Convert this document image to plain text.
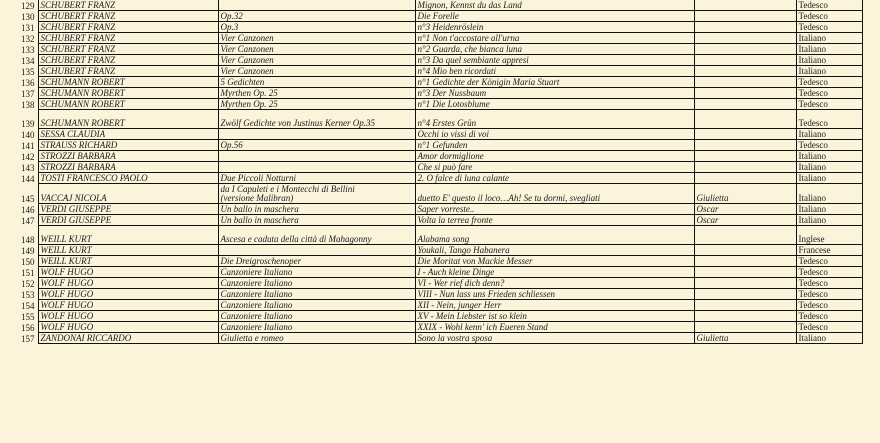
129	SCHUBERT FRANZ		Mignon, Kennst du das Land		Tedesco
130	SCHUBERT FRANZ	Op.32	Die Forelle		Tedesco
131	SCHUBERT FRANZ	Op.3	n°3 Heidenröslein		Tedesco
132	SCHUBERT FRANZ	Vier Canzonen	n°1 Non t'accostare all'urna		Italiano
133	SCHUBERT FRANZ	Vier Canzonen	n°2 Guarda, che bianca luna		Italiano
134	SCHUBERT FRANZ	Vier Canzonen	n°3 Da quel sembiante appresi		Italiano
135	SCHUBERT FRANZ	Vier Canzonen	n°4 Mio ben ricordati		Italiano
136	SCHUMANN ROBERT	5 Gedichten	n°1 Gedichte der Königin Maria Stuart		Tedesco
137	SCHUMANN ROBERT	Myrthen Op. 25	n°3 Der Nussbaum		Tedesco
138	SCHUMANN ROBERT	Myrthen Op. 25	n°1 Die Lotosblume		Tedesco
139	SCHUMANN ROBERT	Zwölf Gedichte von Justinus Kerner Op.35	n°4 Erstes Grün		Tedesco
140	SESSA CLAUDIA		Occhi io vissi di voi		Italiano
141	STRAUSS RICHARD	Op.56	n°1 Gefunden		Tedesco
142	STROZZI BARBARA		Amor dormiglione		Italiano
143	STROZZI BARBARA		Che si può fare		Italiano
144	TOSTI FRANCESCO PAOLO	Due Piccoli Notturni	2. O falce di luna calante		Italiano
145	VACCAJ NICOLA	da I Capuleti e i Montecchi di Bellini
(versione Malibran)	duetto E' questo il loco…Ah! Se tu dormi, svegliati	Giulietta	Italiano
146	VERDI GIUSEPPE	Un ballo in maschera	Saper vorreste..	Oscar	Italiano
147	VERDI GIUSEPPE	Un ballo in maschera	Volta la terrea fronte	Oscar	Italiano
148	WEILL KURT	Ascesa e caduta della città di Mahagonny	Alabama song		Inglese
149	WEILL KURT		Youkali, Tango Habanera		Francese
150	WEILL KURT	Die Dreigroschenoper	Die Moritat von Mackie Messer		Tedesco
151	WOLF HUGO	Canzoniere Italiano	I - Auch kleine Dinge		Tedesco
152	WOLF HUGO	Canzoniere Italiano	VI - Wer rief dich denn?		Tedesco
153	WOLF HUGO	Canzoniere Italiano	VIII - Nun lass uns Frieden schliessen		Tedesco
154	WOLF HUGO	Canzoniere Italiano	XII - Nein, junger Herr		Tedesco
155	WOLF HUGO	Canzoniere Italiano	XV - Mein Liebster ist so klein		Tedesco
156	WOLF HUGO	Canzoniere Italiano	XXIX - Wohl kenn' ich Eueren Stand		Tedesco
157	ZANDONAI RICCARDO	Giulietta e romeo	Sono la vostra sposa	Giulietta	Italiano
